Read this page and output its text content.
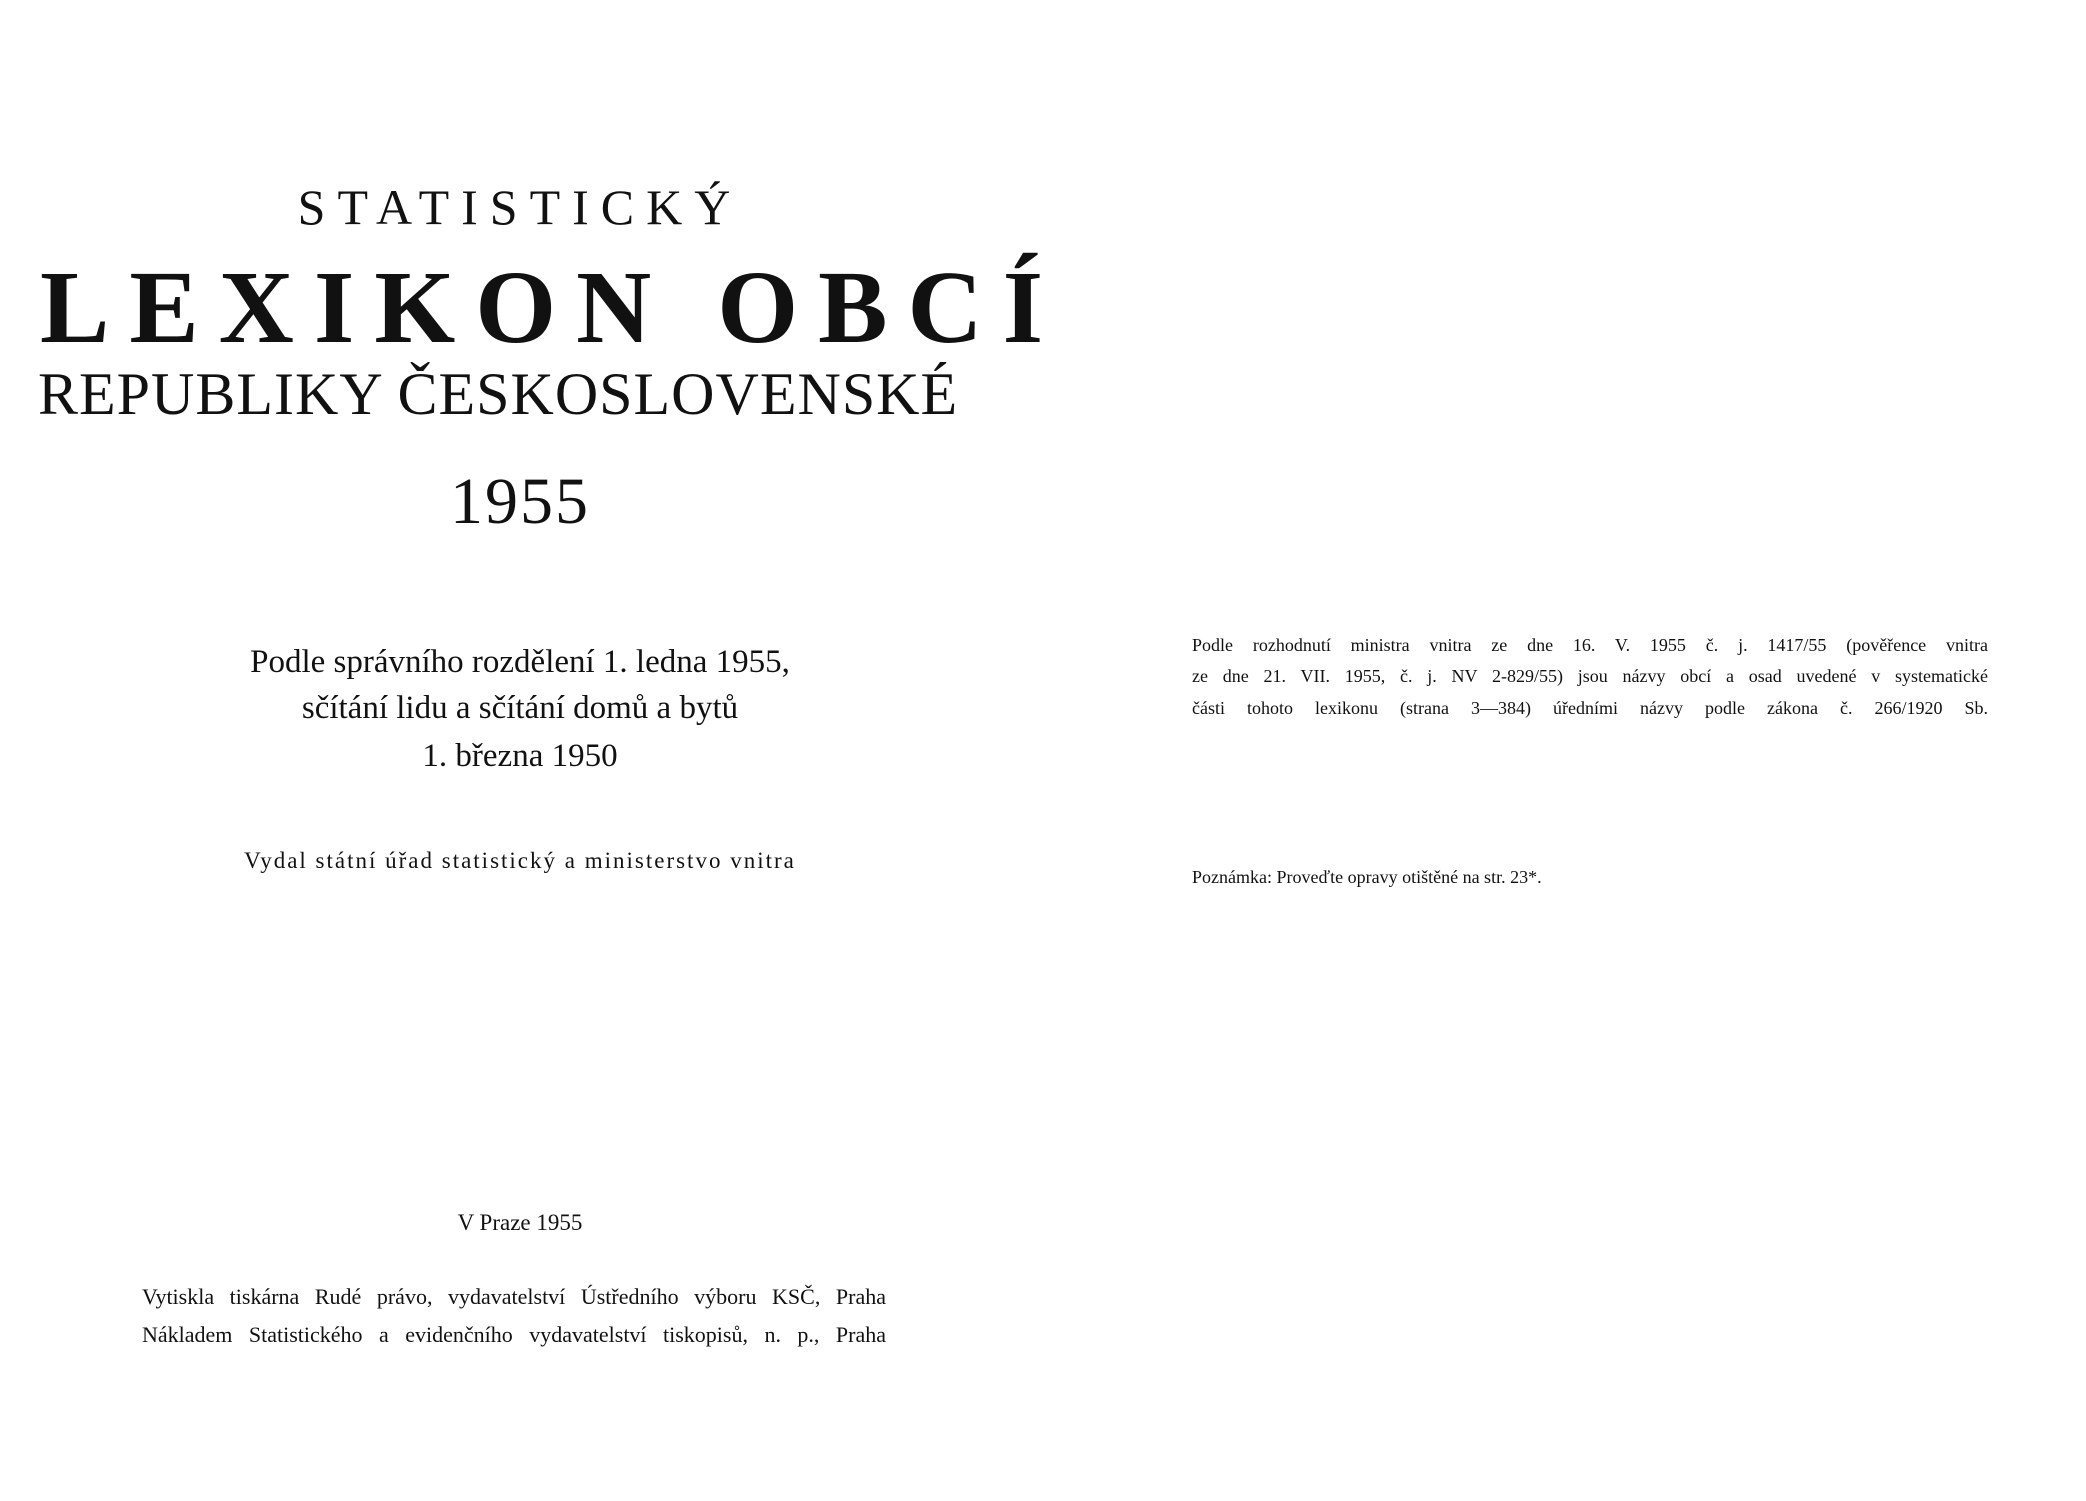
STATISTICKÝ
LEXIKON OBCÍ
REPUBLIKY ČESKOSLOVENSKÉ
1955
Podle správního rozdělení 1. ledna 1955,
sčítání lidu a sčítání domů a bytů
1. března 1950
Vydal státní úřad statistický a ministerstvo vnitra
V Praze 1955
Vytiskla tiskárna Rudé právo, vydavatelství Ústředního výboru KSČ, Praha
Nákladem Statistického a evidenčního vydavatelství tiskopisů, n. p., Praha
Podle rozhodnutí ministra vnitra ze dne 16. V. 1955 č. j. 1417/55 (pověřence vnitra
ze dne 21. VII. 1955, č. j. NV 2-829/55) jsou názvy obcí a osad uvedené v systematické
části tohoto lexikonu (strana 3—384) úředními názvy podle zákona č. 266/1920 Sb.
Poznámka: Proveďte opravy otištěné na str. 23*.
